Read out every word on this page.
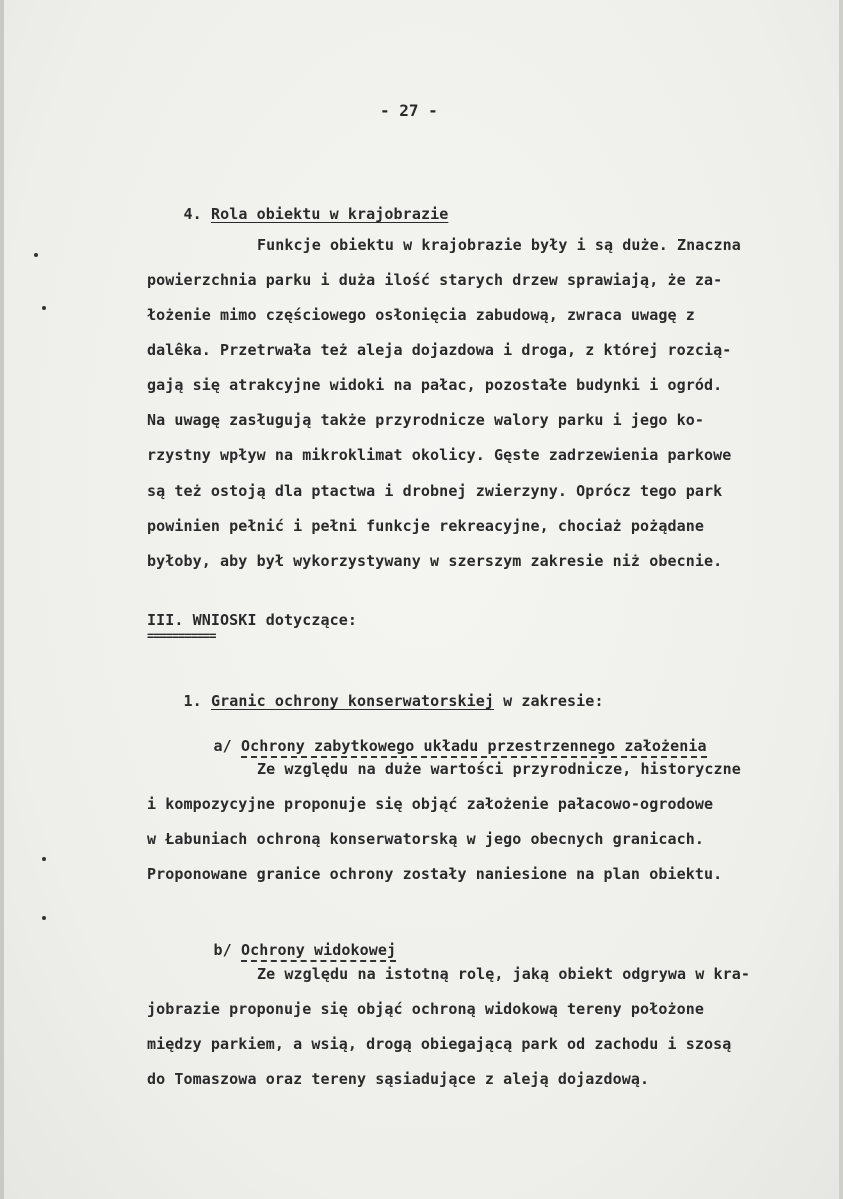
- 27 -

4. Rola obiektu w krajobrazie

Funkcje obiektu w krajobrazie były i są duże. Znaczna
powierzchnia parku i duża ilość starych drzew sprawiają, że za-
łożenie mimo częściowego osłonięcia zabudową, zwraca uwagę z
dalêka. Przetrwała też aleja dojazdowa i droga, z której rozcią-
gają się atrakcyjne widoki na pałac, pozostałe budynki i ogród.
Na uwagę zasługują także przyrodnicze walory parku i jego ko-
rzystny wpływ na mikroklimat okolicy. Gęste zadrzewienia parkowe
są też ostoją dla ptactwa i drobnej zwierzyny. Oprócz tego park
powinien pełnić i pełni funkcje rekreacyjne, chociaż pożądane
byłoby, aby był wykorzystywany w szerszym zakresie niż obecnie.
III. WNIOSKI dotyczące:
===========

1. Granic ochrony konserwatorskiej w zakresie:

a/ Ochrony zabytkowego układu przestrzennego założenia

Ze względu na duże wartości przyrodnicze, historyczne
i kompozycyjne proponuje się objąć założenie pałacowo-ogrodowe
w Łabuniach ochroną konserwatorską w jego obecnych granicach.
Proponowane granice ochrony zostały naniesione na plan obiektu.

b/ Ochrony widokowej

Ze względu na istotną rolę, jaką obiekt odgrywa w kra-
jobrazie proponuje się objąć ochroną widokową tereny położone
między parkiem, a wsią, drogą obiegającą park od zachodu i szosą
do Tomaszowa oraz tereny sąsiadujące z aleją dojazdową.
